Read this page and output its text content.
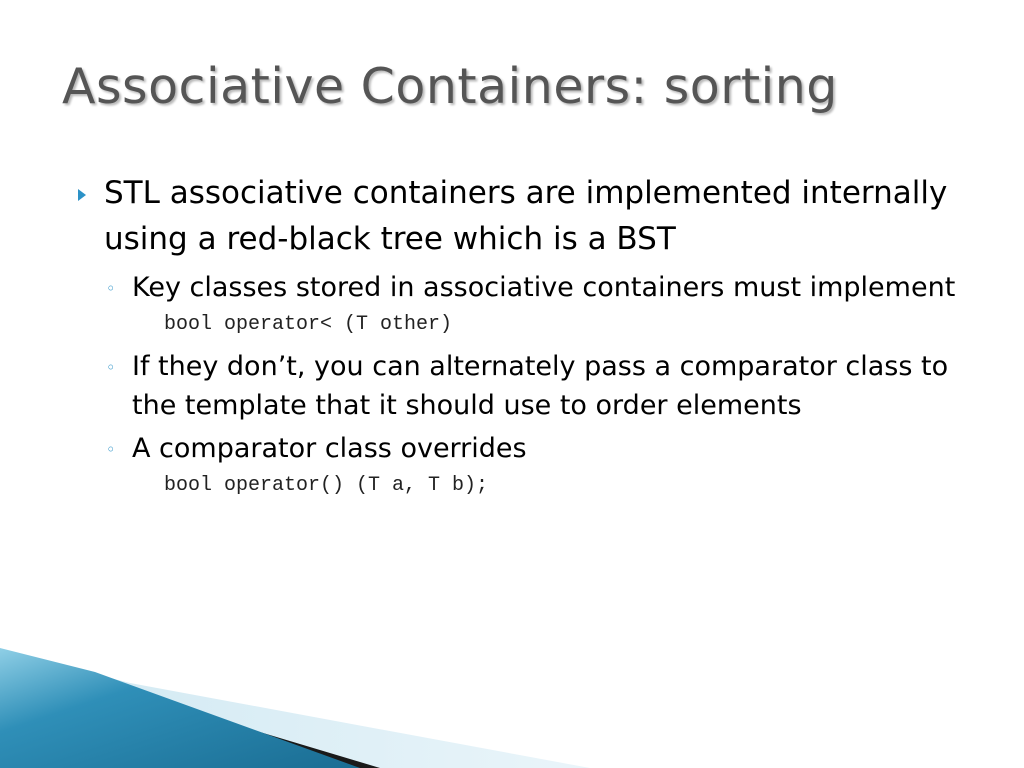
Associative Containers: sorting
STL associative containers are implemented internally using a red-black tree which is a BST
◦ Key classes stored in associative containers must implement
bool operator< (T other)
◦ If they don’t, you can alternately pass a comparator class to the template that it should use to order elements
◦ A comparator class overrides
bool operator() (T a, T b);
